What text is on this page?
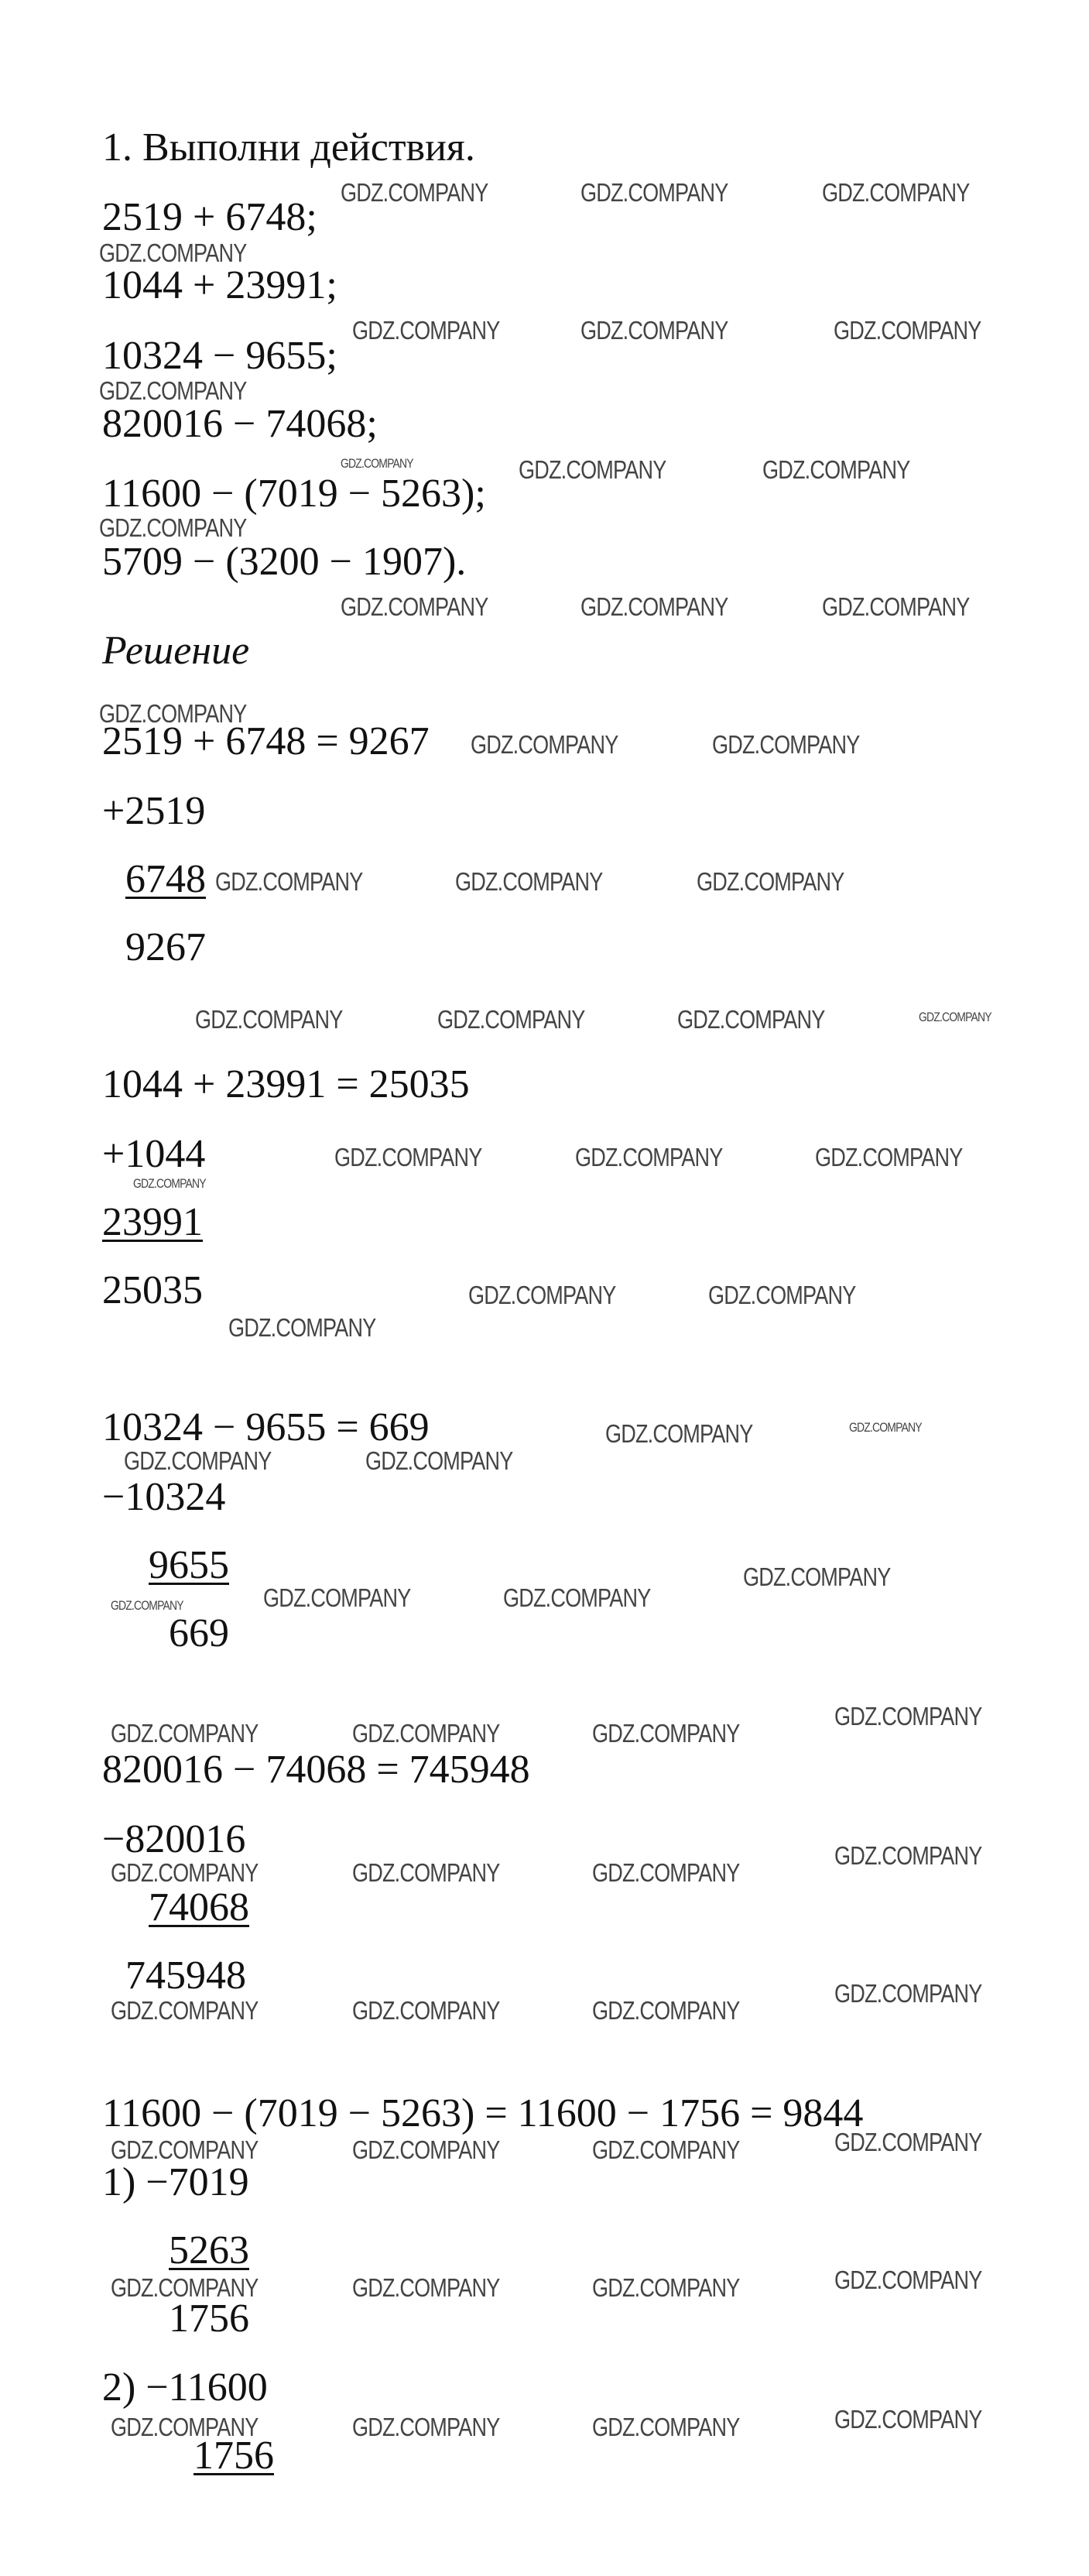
1. Выполни действия.
2519 + 6748;
1044 + 23991;
10324 − 9655;
820016 − 74068;
11600 − (7019 − 5263);
5709 − (3200 − 1907).
Решение
2519 + 6748 = 9267
+2519
6748
9267
1044 + 23991 = 25035
+1044
23991
25035
10324 − 9655 = 669
−10324
9655
669
820016 − 74068 = 745948
−820016
74068
745948
11600 − (7019 − 5263) = 11600 − 1756 = 9844
1) −7019
5263
1756
2) −11600
1756
GDZ.COMPANY	GDZ.COMPANY	GDZ.COMPANY
GDZ.COMPANY
GDZ.COMPANY	GDZ.COMPANY	GDZ.COMPANY
GDZ.COMPANY
GDZ.COMPANY	GDZ.COMPANY	GDZ.COMPANY
GDZ.COMPANY
GDZ.COMPANY	GDZ.COMPANY	GDZ.COMPANY
GDZ.COMPANY
GDZ.COMPANY	GDZ.COMPANY
GDZ.COMPANY	GDZ.COMPANY	GDZ.COMPANY
GDZ.COMPANY	GDZ.COMPANY	GDZ.COMPANY	GDZ.COMPANY
GDZ.COMPANY	GDZ.COMPANY	GDZ.COMPANY
GDZ.COMPANY
GDZ.COMPANY	GDZ.COMPANY
GDZ.COMPANY
GDZ.COMPANY	GDZ.COMPANY
GDZ.COMPANY	GDZ.COMPANY
GDZ.COMPANY	GDZ.COMPANY
GDZ.COMPANY
GDZ.COMPANY
GDZ.COMPANY	GDZ.COMPANY	GDZ.COMPANY
GDZ.COMPANY
GDZ.COMPANY	GDZ.COMPANY	GDZ.COMPANY
GDZ.COMPANY
GDZ.COMPANY	GDZ.COMPANY	GDZ.COMPANY
GDZ.COMPANY
GDZ.COMPANY	GDZ.COMPANY	GDZ.COMPANY	GDZ.COMPANY
GDZ.COMPANY	GDZ.COMPANY	GDZ.COMPANY	GDZ.COMPANY
GDZ.COMPANY	GDZ.COMPANY	GDZ.COMPANY	GDZ.COMPANY
